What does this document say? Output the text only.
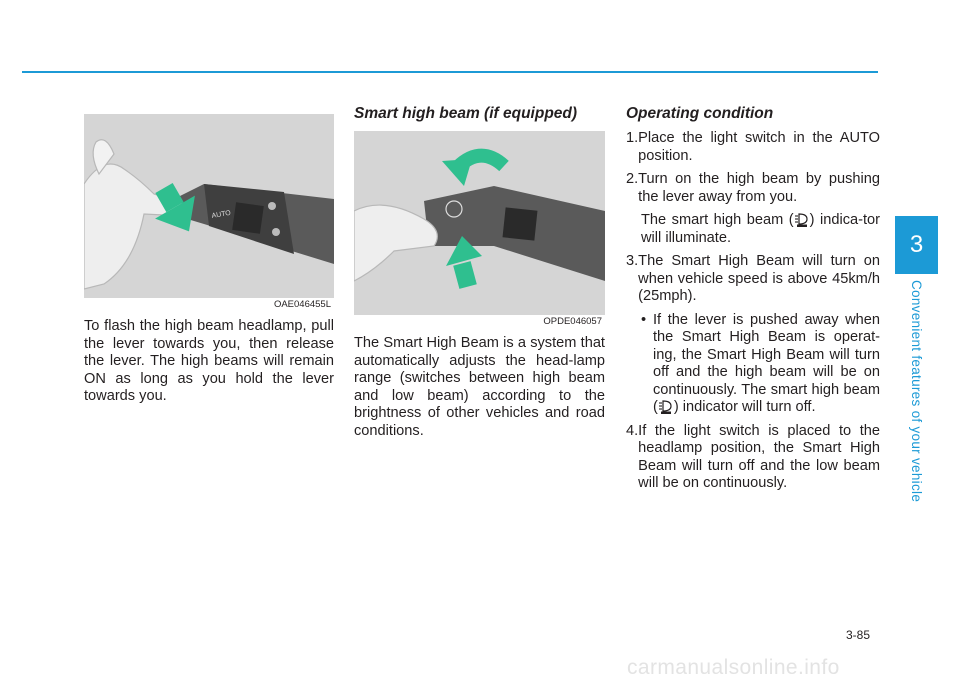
AUTO
OAE046455L

To flash the high beam headlamp, pull the lever towards you, then release the lever. The high beams will remain ON as long as you hold the lever towards you.

Smart high beam (if equipped)
OPDE046057

The Smart High Beam is a system that automatically adjusts the head-lamp range (switches between high beam and low beam) according to the brightness of other vehicles and road conditions.

Operating condition
1. Place the light switch in the AUTO position.
2. Turn on the high beam by pushing the lever away from you.
The smart high beam ( ) indica-tor will illuminate.
3. The Smart High Beam will turn on when vehicle speed is above 45km/h (25mph).
• If the lever is pushed away when the Smart High Beam is operat-ing, the Smart High Beam will turn off and the high beam will be on continuously. The smart high beam ( ) indicator will turn off.
4. If the light switch is placed to the headlamp position, the Smart High Beam will turn off and the low beam will be on continuously.
3
Convenient features of your vehicle
3-85
carmanualsonline.info
